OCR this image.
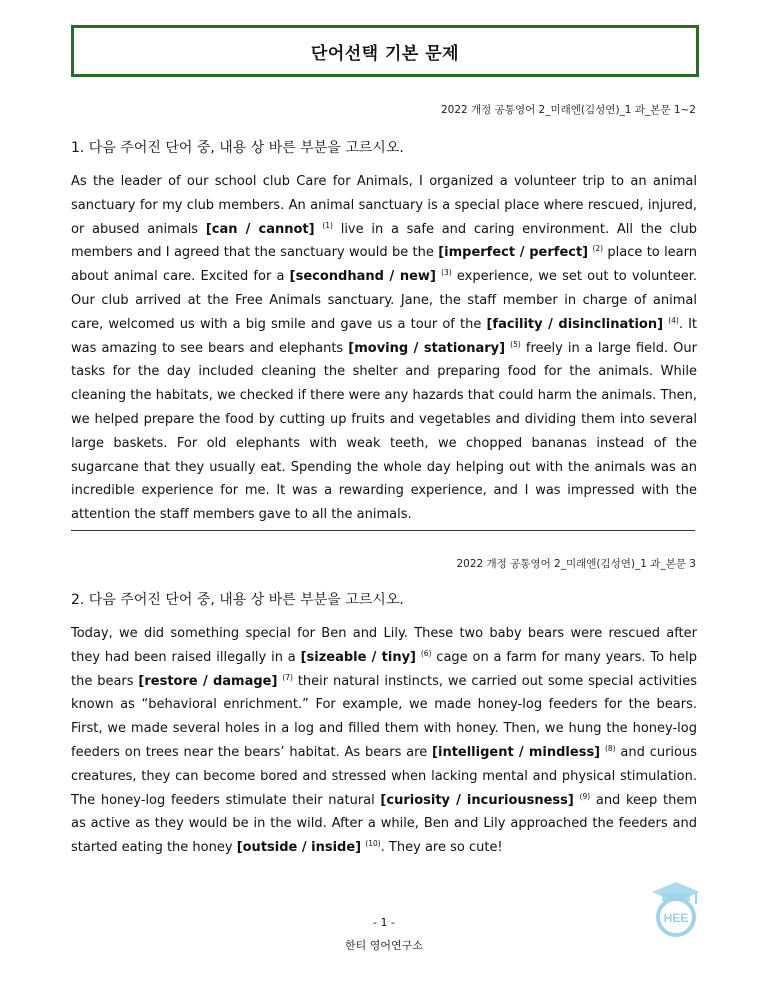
단어선택 기본 문제
2022 개정 공통영어 2_미래엔(김성연)_1 과_본문 1~2
1. 다음 주어진 단어 중, 내용 상 바른 부분을 고르시오.

As the leader of our school club Care for Animals, I organized a volunteer trip to an animal sanctuary for my club members. An animal sanctuary is a special place where rescued, injured, or abused animals [can / cannot] $^{(1)}$ live in a safe and caring environment. All the club members and I agreed that the sanctuary would be the [imperfect / perfect] $^{(2)}$ place to learn about animal care. Excited for a [secondhand / new] $^{(3)}$ experience, we set out to volunteer. Our club arrived at the Free Animals sanctuary. Jane, the staff member in charge of animal care, welcomed us with a big smile and gave us a tour of the [facility / disinclination] $^{(4)}$. It was amazing to see bears and elephants [moving / stationary] $^{(5)}$ freely in a large field. Our tasks for the day included cleaning the shelter and preparing food for the animals. While cleaning the habitats, we checked if there were any hazards that could harm the animals. Then, we helped prepare the food by cutting up fruits and vegetables and dividing them into several large baskets. For old elephants with weak teeth, we chopped bananas instead of the sugarcane that they usually eat. Spending the whole day helping out with the animals was an incredible experience for me. It was a rewarding experience, and I was impressed with the attention the staff members gave to all the animals.

2022 개정 공통영어 2_미래엔(김성연)_1 과_본문 3
2. 다음 주어진 단어 중, 내용 상 바른 부분을 고르시오.

Today, we did something special for Ben and Lily. These two baby bears were rescued after they had been raised illegally in a [sizeable / tiny] $^{(6)}$ cage on a farm for many years. To help the bears [restore / damage] $^{(7)}$ their natural instincts, we carried out some special activities known as “behavioral enrichment.” For example, we made honey-log feeders for the bears. First, we made several holes in a log and filled them with honey. Then, we hung the honey-log feeders on trees near the bears’ habitat. As bears are [intelligent / mindless] $^{(8)}$ and curious creatures, they can become bored and stressed when lacking mental and physical stimulation. The honey-log feeders stimulate their natural [curiosity / incuriousness] $^{(9)}$ and keep them as active as they would be in the wild. After a while, Ben and Lily approached the feeders and started eating the honey [outside / inside] $^{(10)}$. They are so cute!

- 1 -
한티 영어연구소
HEE
